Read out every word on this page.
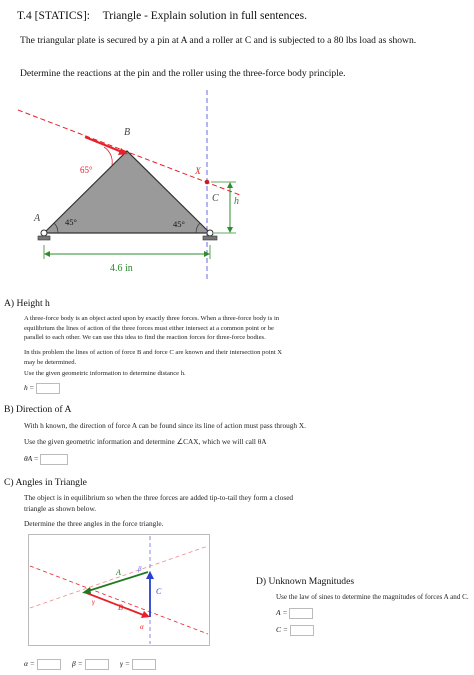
T.4 [STATICS]: Triangle - Explain solution in full sentences.
The triangular plate is secured by a pin at A and a roller at C and is subjected to a 80 lbs load as shown.
Determine the reactions at the pin and the roller using the three-force body principle.
65°	X
B
A
C
45°	45°
4.6 in
h
A) Height h
A three-force body is an object acted upon by exactly three forces. When a three-force body is in equilibrium the lines of action of the three forces must either intersect at a common point or be parallel to each other. We can use this idea to find the reaction forces for three-force bodies.
In this problem the lines of action of force B and force C are known and their intersection point X may be determined.
Use the given geometric information to determine distance h.
h =
B) Direction of A
With h known, the direction of force A can be found since its line of action must pass through X.
Use the given geometric information and determine ∠CAX, which we will call θA
θA =
C) Angles in Triangle
The object is in equilibrium so when the three forces are added tip-to-tail they form a closed triangle as shown below.
Determine the three angles in the force triangle.
A
B
C
β
γ
α
D) Unknown Magnitudes
Use the law of sines to determine the magnitudes of forces A and C.
A =
C =
α =	β =	γ =
